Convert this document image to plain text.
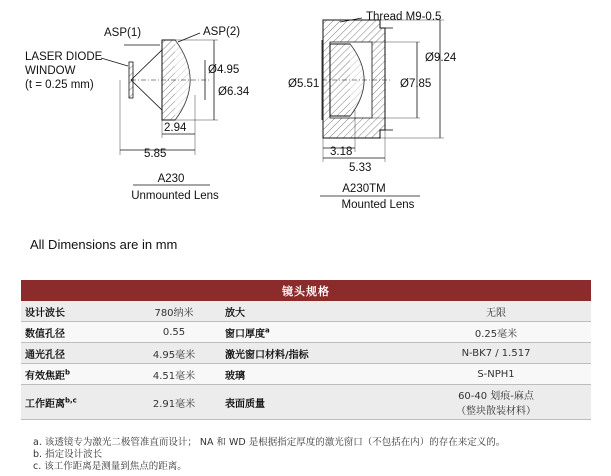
ASP(1)	ASP(2)
LASER DIODE
WINDOW
(t = 0.25 mm)
Ø4.95
Ø6.34
2.94
5.85
A230
Unmounted Lens
Thread M9-0.5
Ø5.51	Ø7.85
Ø9.24
3.18
5.33
A230TM
Mounted Lens
All Dimensions are in mm
镜头规格			
设计波长	780纳米	放大	无限
数值孔径	0.55	窗口厚度$^a$	0.25毫米
通光孔径	4.95毫米	激光窗口材料/指标	N-BK7 / 1.517
有效焦距$^b$	4.51毫米	玻璃	S-NPH1
工作距离$^{b,c}$	2.91毫米	表面质量	60-40 划痕-麻点
（整块散装材料）
a. 该透镜专为激光二极管准直而设计； NA 和 WD 是根据指定厚度的激光窗口（不包括在内）的存在来定义的。
b. 指定设计波长
c. 该工作距离是测量到焦点的距离。
